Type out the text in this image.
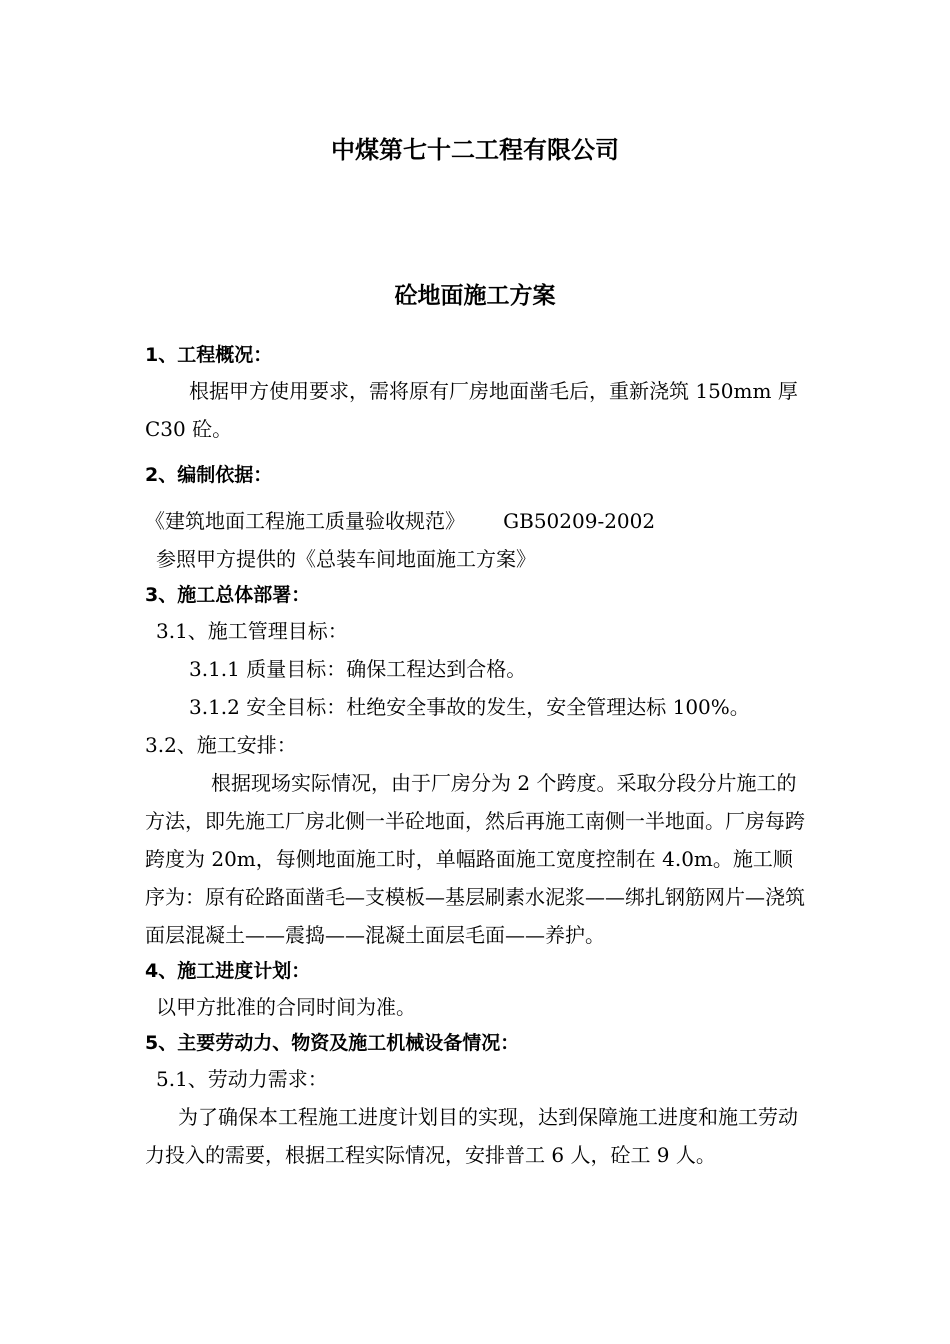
中煤第七十二工程有限公司
砼地面施工方案
1、工程概况：
根据甲方使用要求，需将原有厂房地面凿毛后，重新浇筑 150mm 厚 C30 砼。
2、编制依据：
《建筑地面工程施工质量验收规范》      GB50209-2002
参照甲方提供的《总装车间地面施工方案》
3、施工总体部署：
3.1、施工管理目标：
3.1.1 质量目标：确保工程达到合格。
3.1.2 安全目标：杜绝安全事故的发生，安全管理达标 100%。
3.2、施工安排：
根据现场实际情况，由于厂房分为 2 个跨度。采取分段分片施工的方法，即先施工厂房北侧一半砼地面，然后再施工南侧一半地面。厂房每跨跨度为 20m，每侧地面施工时，单幅路面施工宽度控制在 4.0m。施工顺序为：原有砼路面凿毛—支模板—基层刷素水泥浆——绑扎钢筋网片—浇筑面层混凝土——震捣——混凝土面层毛面——养护。
4、施工进度计划：
以甲方批准的合同时间为准。
5、主要劳动力、物资及施工机械设备情况：
5.1、劳动力需求：
为了确保本工程施工进度计划目的实现，达到保障施工进度和施工劳动力投入的需要，根据工程实际情况，安排普工 6 人，砼工 9 人。
